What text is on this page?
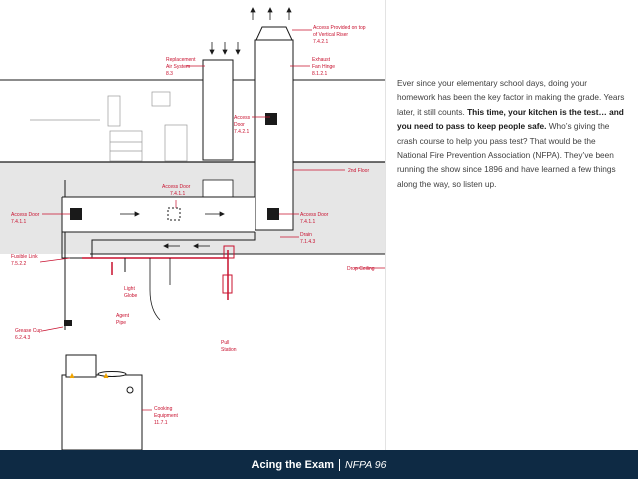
Access Provided on top
of Vertical Riser
7.4.2.1
Replacement
Air System
8.3
Exhaust
Fan Hinge
8.1.2.1
Access
Door
7.4.2.1
2nd Floor
Access Door
7.4.1.1
Access Door
7.4.1.1
Access Door
7.4.1.1
Drain
7.1.4.3
Fusible Link
7.5.2.2
Drop Ceiling
Light
Globe
Agent
Pipe
Grease Cup
6.2.4.3
Pull
Station
Cooking
Equipment
11.7.1
Ever since your elementary school days, doing your homework has been the key factor in making the grade. Years later, it still counts. This time, your kitchen is the test… and you need to pass to keep people safe. Who’s giving the crash course to help you pass test? That would be the National Fire Prevention Association (NFPA). They’ve been running the show since 1896 and have learned a few things along the way, so listen up.
Acing the Exam NFPA 96
